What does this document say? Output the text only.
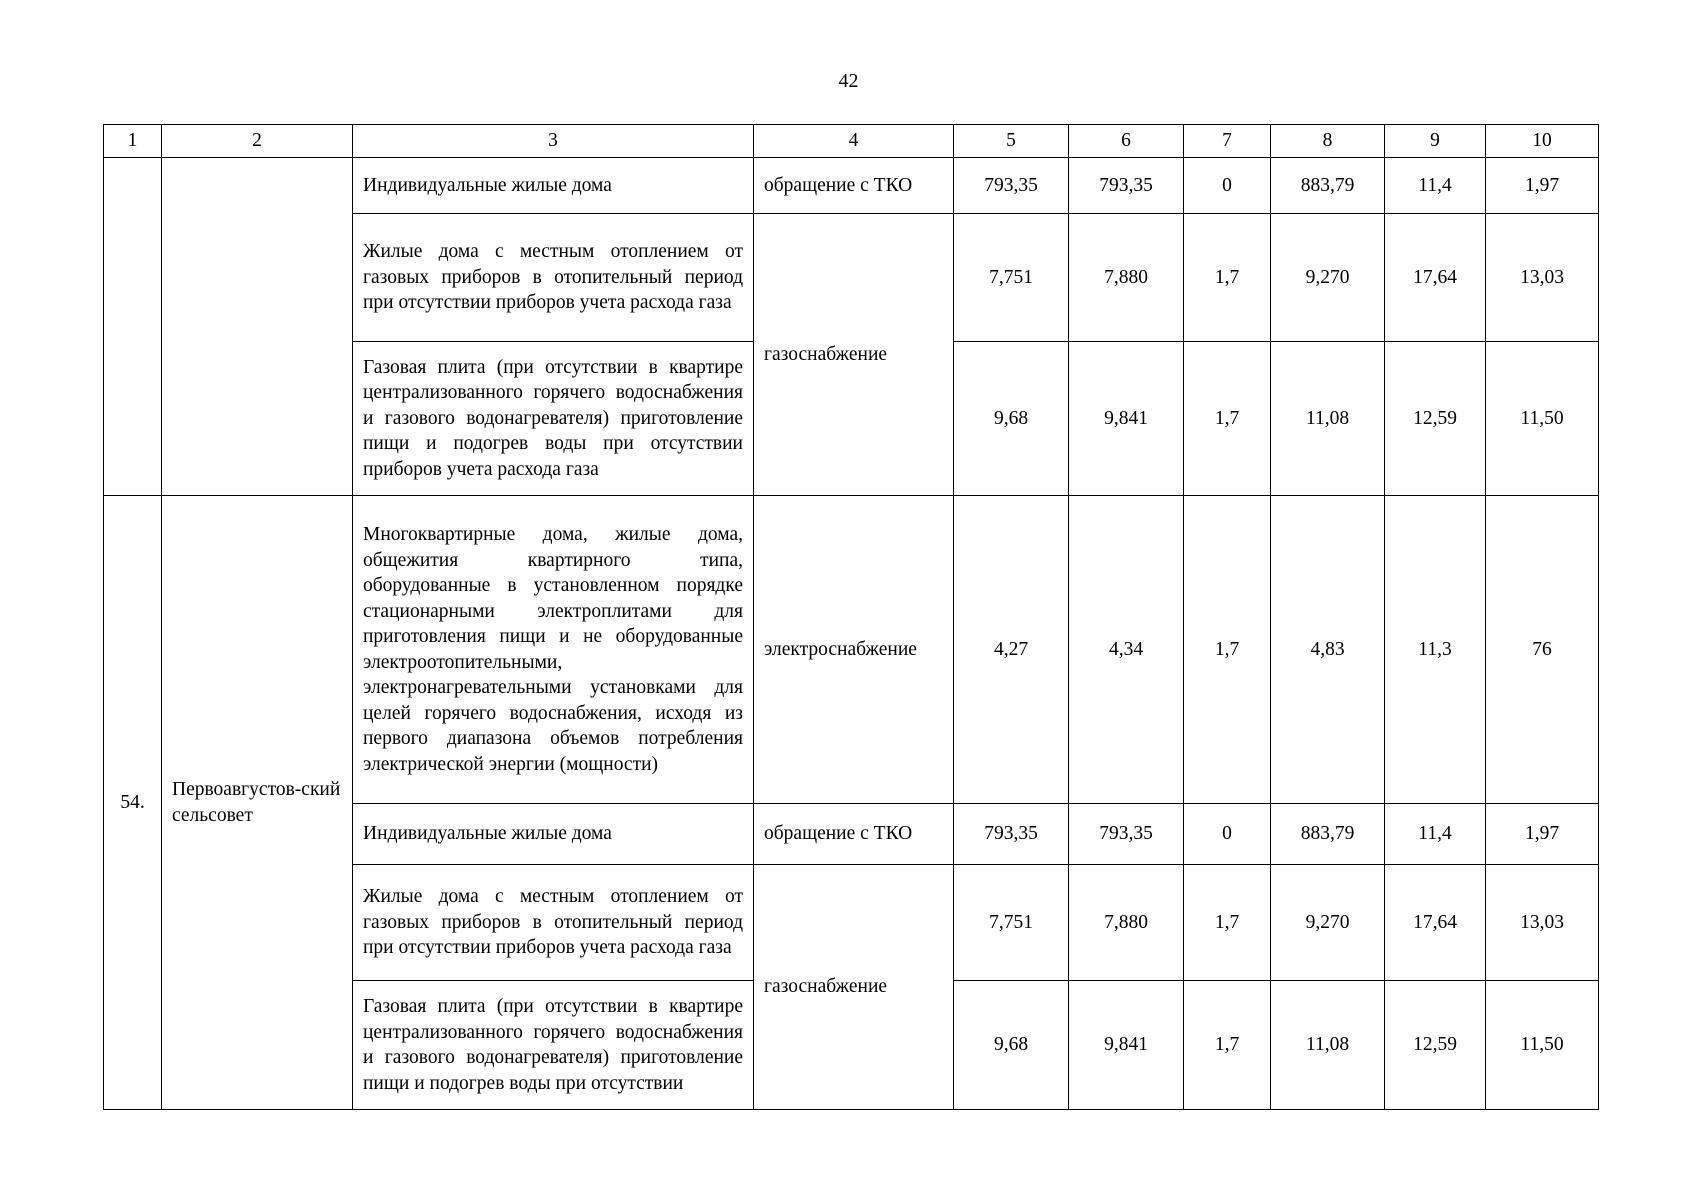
42
1	2	3	4	5	6	7	8	9	10
		Индивидуальные жилые дома	обращение с ТКО	793,35	793,35	0	883,79	11,4	1,97
		Жилые дома с местным отоплением от газовых приборов в отопительный период при отсутствии приборов учета расхода газа	газоснабжение	7,751	7,880	1,7	9,270	17,64	13,03
		Газовая плита (при отсутствии в квартире централизованного горячего водоснабжения и газового водонагревателя) приготовление пищи и подогрев воды при отсутствии приборов учета расхода газа		9,68	9,841	1,7	11,08	12,59	11,50
54.	Первоавгустов-ский сельсовет	Многоквартирные дома, жилые дома, общежития квартирного типа, оборудованные в установленном порядке стационарными электроплитами для приготовления пищи и не оборудованные электроотопительными, электронагревательными установками для целей горячего водоснабжения, исходя из первого диапазона объемов потребления электрической энергии (мощности)	электроснабжение	4,27	4,34	1,7	4,83	11,3	76
		Индивидуальные жилые дома	обращение с ТКО	793,35	793,35	0	883,79	11,4	1,97
		Жилые дома с местным отоплением от газовых приборов в отопительный период при отсутствии приборов учета расхода газа	газоснабжение	7,751	7,880	1,7	9,270	17,64	13,03
		Газовая плита (при отсутствии в квартире централизованного горячего водоснабжения и газового водонагревателя) приготовление пищи и подогрев воды при отсутствии		9,68	9,841	1,7	11,08	12,59	11,50
